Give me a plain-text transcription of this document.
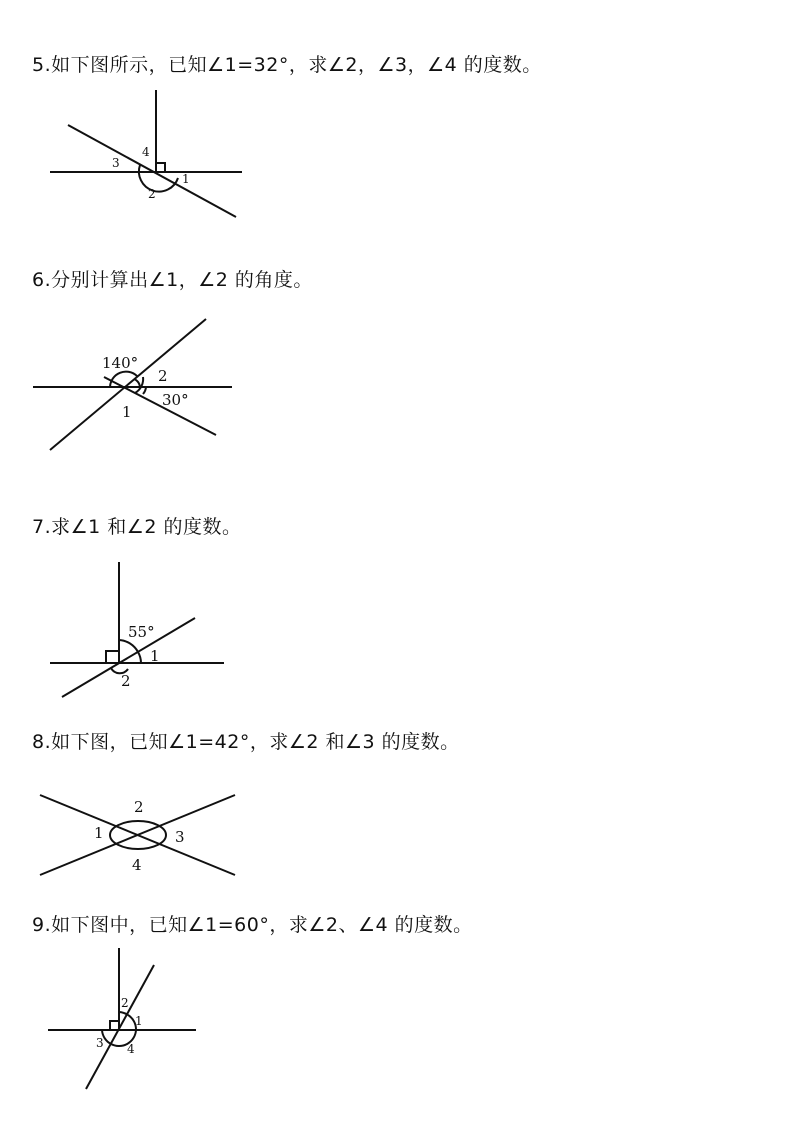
5.如下图所示，已知∠1=32°，求∠2，∠3，∠4 的度数。
1
2
3
4
6.分别计算出∠1，∠2 的角度。
140°
2
30°
1
7.求∠1 和∠2 的度数。
55°
1
2
8.如下图，已知∠1=42°，求∠2 和∠3 的度数。
1
2
3
4
9.如下图中，已知∠1=60°，求∠2、∠4 的度数。
2
1
3 4
